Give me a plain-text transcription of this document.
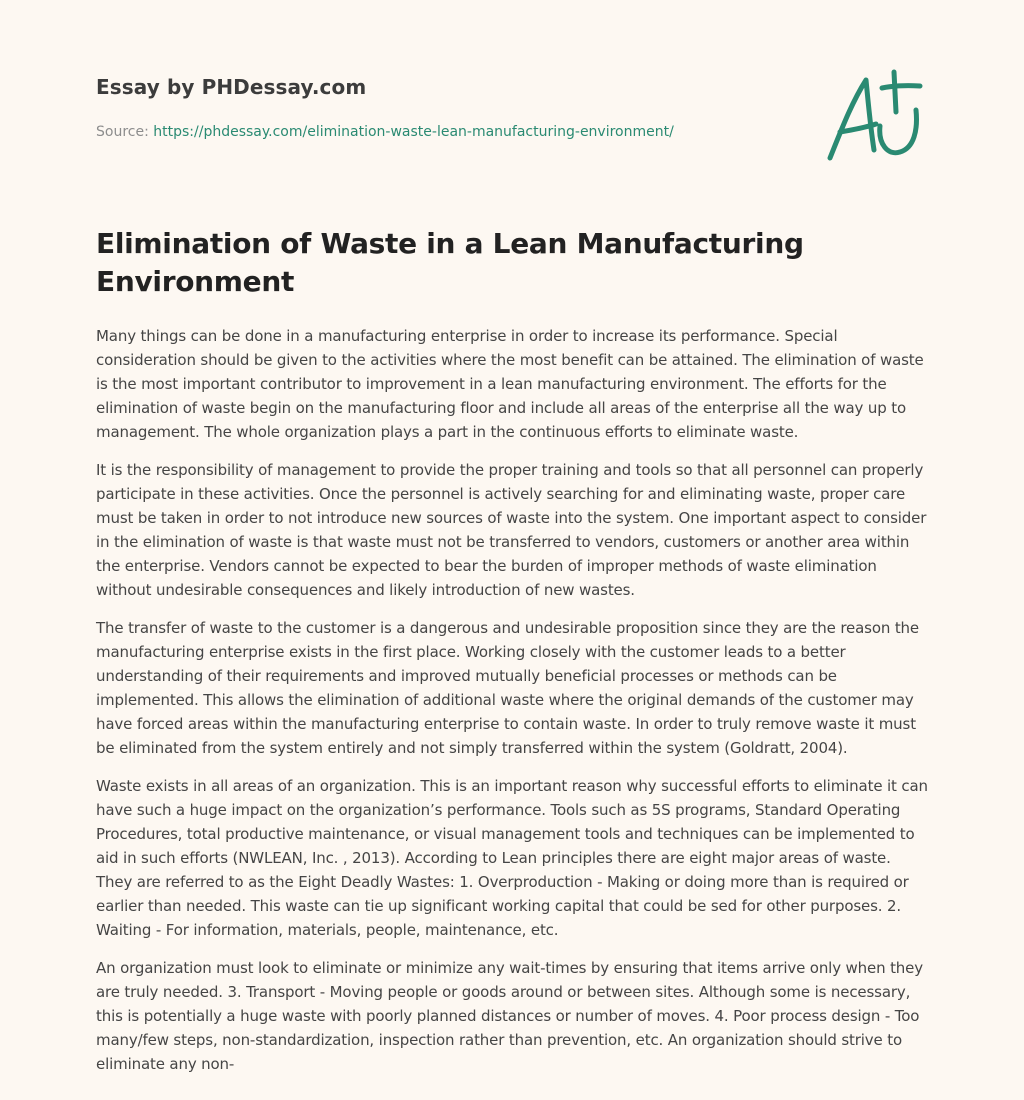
Essay by PHDessay.com
Source: https://phdessay.com/elimination-waste-lean-manufacturing-environment/
Elimination of Waste in a Lean Manufacturing Environment

Many things can be done in a manufacturing enterprise in order to increase its performance. Special consideration should be given to the activities where the most benefit can be attained. The elimination of waste is the most important contributor to improvement in a lean manufacturing environment. The efforts for the elimination of waste begin on the manufacturing floor and include all areas of the enterprise all the way up to management. The whole organization plays a part in the continuous efforts to eliminate waste.

It is the responsibility of management to provide the proper training and tools so that all personnel can properly participate in these activities. Once the personnel is actively searching for and eliminating waste, proper care must be taken in order to not introduce new sources of waste into the system. One important aspect to consider in the elimination of waste is that waste must not be transferred to vendors, customers or another area within the enterprise. Vendors cannot be expected to bear the burden of improper methods of waste elimination without undesirable consequences and likely introduction of new wastes.

The transfer of waste to the customer is a dangerous and undesirable proposition since they are the reason the manufacturing enterprise exists in the first place. Working closely with the customer leads to a better understanding of their requirements and improved mutually beneficial processes or methods can be implemented. This allows the elimination of additional waste where the original demands of the customer may have forced areas within the manufacturing enterprise to contain waste. In order to truly remove waste it must be eliminated from the system entirely and not simply transferred within the system (Goldratt, 2004).

Waste exists in all areas of an organization. This is an important reason why successful efforts to eliminate it can have such a huge impact on the organization’s performance. Tools such as 5S programs, Standard Operating Procedures, total productive maintenance, or visual management tools and techniques can be implemented to aid in such efforts (NWLEAN, Inc. , 2013). According to Lean principles there are eight major areas of waste. They are referred to as the Eight Deadly Wastes: 1. Overproduction - Making or doing more than is required or earlier than needed. This waste can tie up significant working capital that could be sed for other purposes. 2. Waiting - For information, materials, people, maintenance, etc.

An organization must look to eliminate or minimize any wait-times by ensuring that items arrive only when they are truly needed. 3. Transport - Moving people or goods around or between sites. Although some is necessary, this is potentially a huge waste with poorly planned distances or number of moves. 4. Poor process design - Too many/few steps, non-standardization, inspection rather than prevention, etc. An organization should strive to eliminate any non-
